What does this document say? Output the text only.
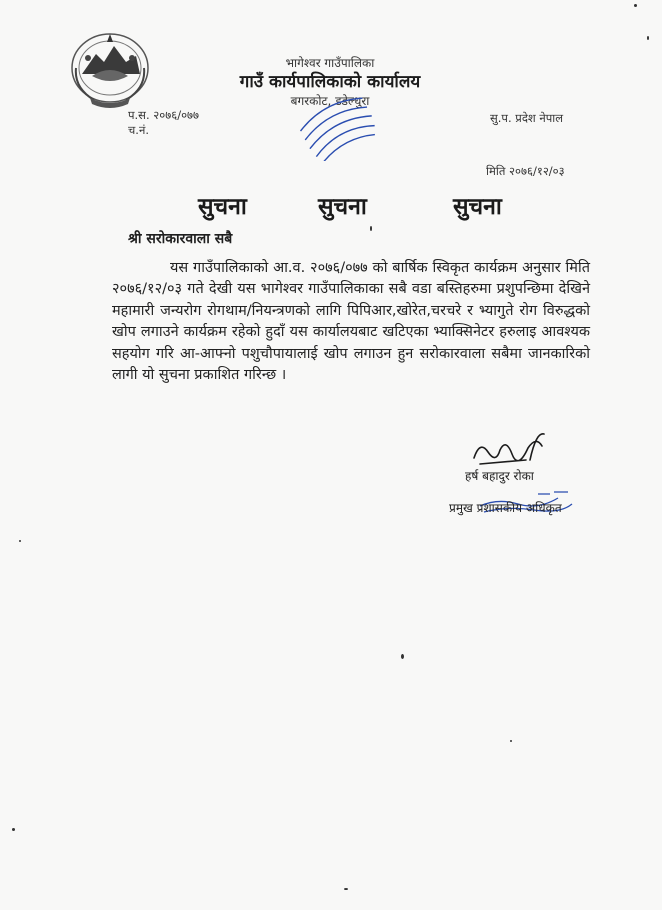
भागेश्वर गाउँपालिका
गाउँ कार्यपालिकाको कार्यालय
बगरकोट, डडेल्धुरा
प.स. २०७६/०७७
च.नं.
सु.प. प्रदेश नेपाल
मिति २०७६/१२/०३
सुचना	सुचना	सुचना
श्री सरोकारवाला सबै
यस गाउँपालिकाको आ.व. २०७६/०७७ को बार्षिक स्विकृत कार्यक्रम अनुसार मिति २०७६/१२/०३ गते देखी यस भागेश्वर गाउँपालिकाका सबै वडा बस्तिहरुमा प्रशुपन्छिमा देखिने महामारी जन्यरोग रोगथाम/नियन्त्रणको लागि पिपिआर,खोरेत,चरचरे र भ्यागुते रोग विरुद्धको खोप लगाउने कार्यक्रम रहेको हुदाँ यस कार्यालयबाट खटिएका भ्याक्सिनेटर हरुलाइ आवश्यक सहयोग गरि आ-आफ्नो पशुचौपायालाई खोप लगाउन हुन सरोकारवाला सबैमा जानकारिको लागी यो सुचना प्रकाशित गरिन्छ ।
हर्ष बहादुर रोका
प्रमुख प्रशासकीय अधिकृत
